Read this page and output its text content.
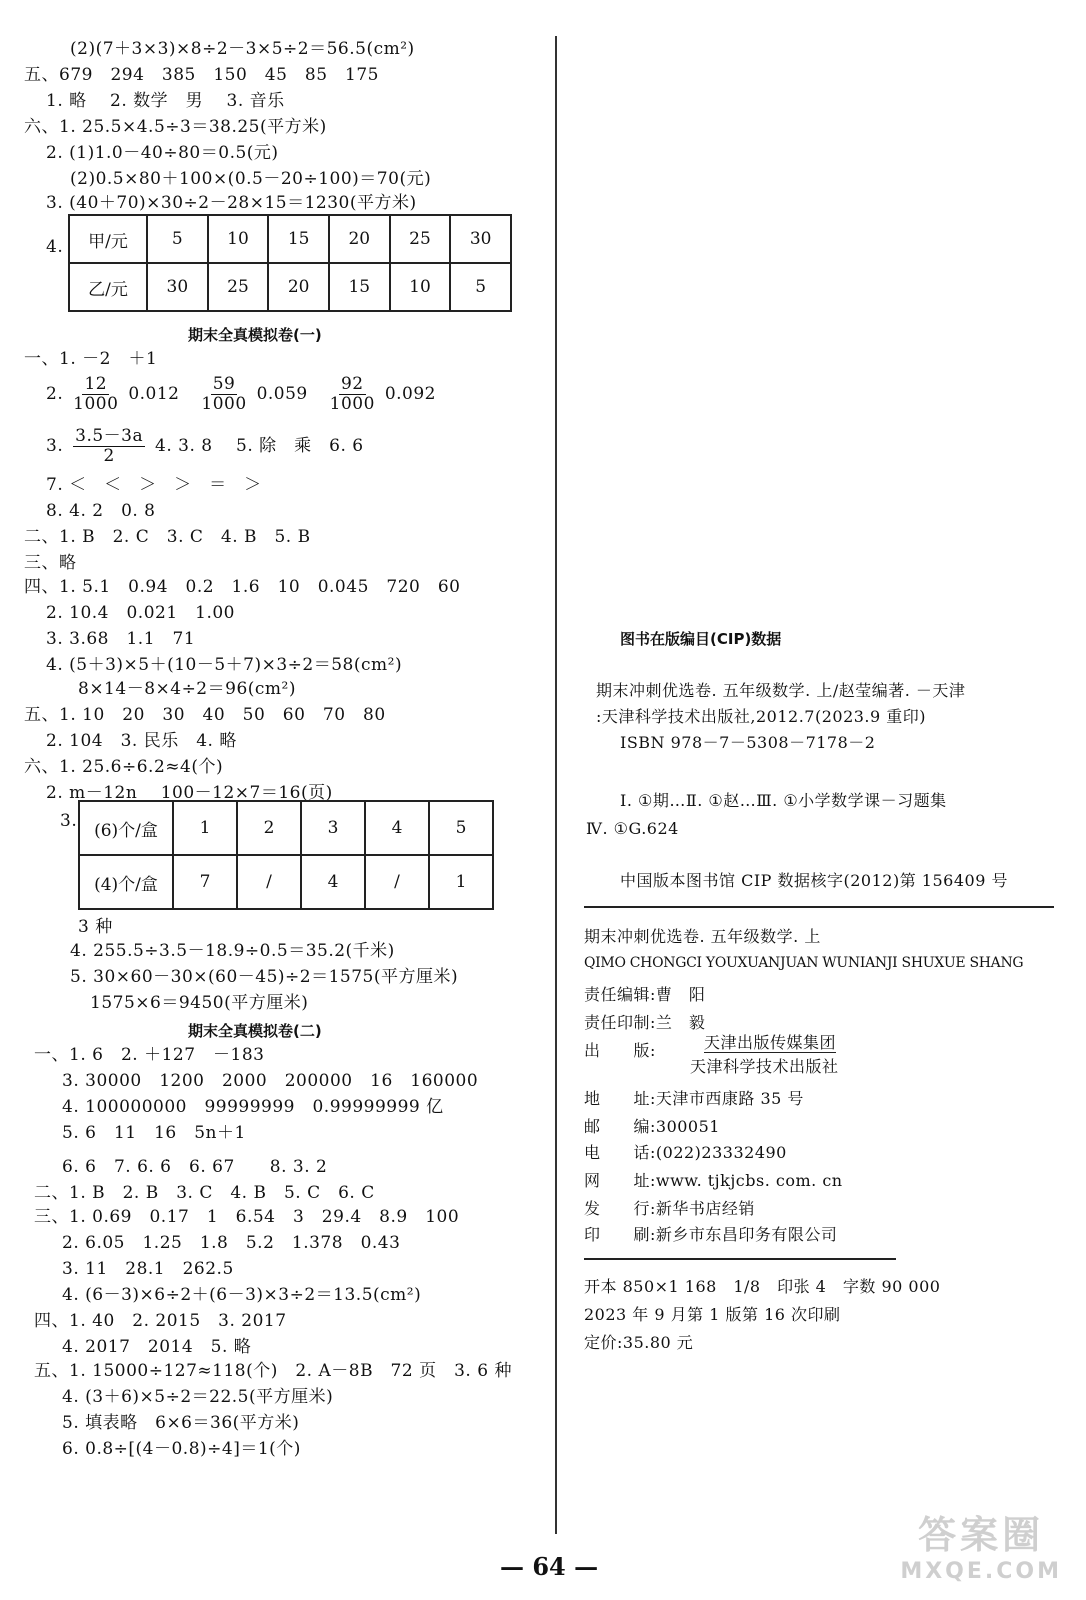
(2)(7＋3×3)×8÷2－3×5÷2＝56.5(cm²)
五、679　294　385　150　45　85　175
1. 略　 2. 数学　男　 3. 音乐
六、1. 25.5×4.5÷3＝38.25(平方米)
2. (1)1.0－40÷80＝0.5(元)
(2)0.5×80＋100×(0.5－20÷100)＝70(元)
3. (40＋70)×30÷2－28×15＝1230(平方米)
4. 甲/元	5	10	15	20	25	30
乙/元	30	25	20	15	10	5
期末全真模拟卷(一)
一、1. －2　＋1
2. $\frac{12}{1000} 0.012 \frac{59}{1000} 0.059 \frac{92}{1000} 0.092$
3. $\frac{3.5-3a}{2} 4$. 3. 8　 5. 除　乘　6. 6
7. ＜　＜　＞　＞　＝　＞
8. 4. 2　0. 8
二、1. B　2. C　3. C　4. B　5. B
三、略
四、1. 5.1　0.94　0.2　1.6　10　0.045　720　60
2. 10.4　0.021　1.00
3. 3.68　1.1　71
4. (5＋3)×5＋(10－5＋7)×3÷2＝58(cm²)
8×14－8×4÷2＝96(cm²)
五、1. 10　20　30　40　50　60　70　80
2. 104　3. 民乐　4. 略
六、1. 25.6÷6.2≈4(个)
2. m－12n　 100－12×7＝16(页)
3. (6)个/盒	1	2	3	4	5
(4)个/盒	7	/	4	/	1
3 种
4. 255.5÷3.5－18.9÷0.5＝35.2(千米)
5. 30×60－30×(60－45)÷2＝1575(平方厘米)
1575×6＝9450(平方厘米)
期末全真模拟卷(二)
一、1. 6　2. ＋127　－183
3. 30000　1200　2000　200000　16　160000
4. 100000000　99999999　0.99999999 亿
5. 6　11　16　5n＋1
6. 6　7. 6. 6̇　6. 67　　8. 3. 2
二、1. B　2. B　3. C　4. B　5. C　6. C
三、1. 0.69　0.17　1　6.54　3　29.4　8.9　100
2. 6.05　1.25　1.8　5.2　1.378　0.43
3. 11　28.1　262.5
4. (6－3)×6÷2＋(6－3)×3÷2＝13.5(cm²)
四、1. 40　2. 2015　3. 2017
4. 2017　2014　5. 略
五、1. 15000÷127≈118(个)　2. A－8B　72 页　3. 6 种
4. (3＋6)×5÷2＝22.5(平方厘米)
5. 填表略　6×6＝36(平方米)
6. 0.8÷[(4－0.8)÷4]＝1(个)
图书在版编目(CIP)数据
期末冲刺优选卷. 五年级数学. 上/赵莹编著. －天津
:天津科学技术出版社,2012.7(2023.9 重印)
ISBN 978－7－5308－7178－2
Ⅰ. ①期…Ⅱ. ①赵…Ⅲ. ①小学数学课－习题集
Ⅳ. ①G.624
中国版本图书馆 CIP 数据核字(2012)第 156409 号
期末冲刺优选卷. 五年级数学. 上
QIMO CHONGCI YOUXUANJUAN WUNIANJI SHUXUE SHANG
责任编辑:曹　阳
责任印制:兰　毅
出　　版:	天津出版传媒集团
天津科学技术出版社
地　　址:天津市西康路 35 号
邮　　编:300051
电　　话:(022)23332490
网　　址:www. tjkjcbs. com. cn
发　　行:新华书店经销
印　　刷:新乡市东昌印务有限公司
开本 850×1 168　1/8　印张 4　字数 90 000
2023 年 9 月第 1 版第 16 次印刷
定价:35.80 元
— 64 —
答案圈
MXQE.COM
